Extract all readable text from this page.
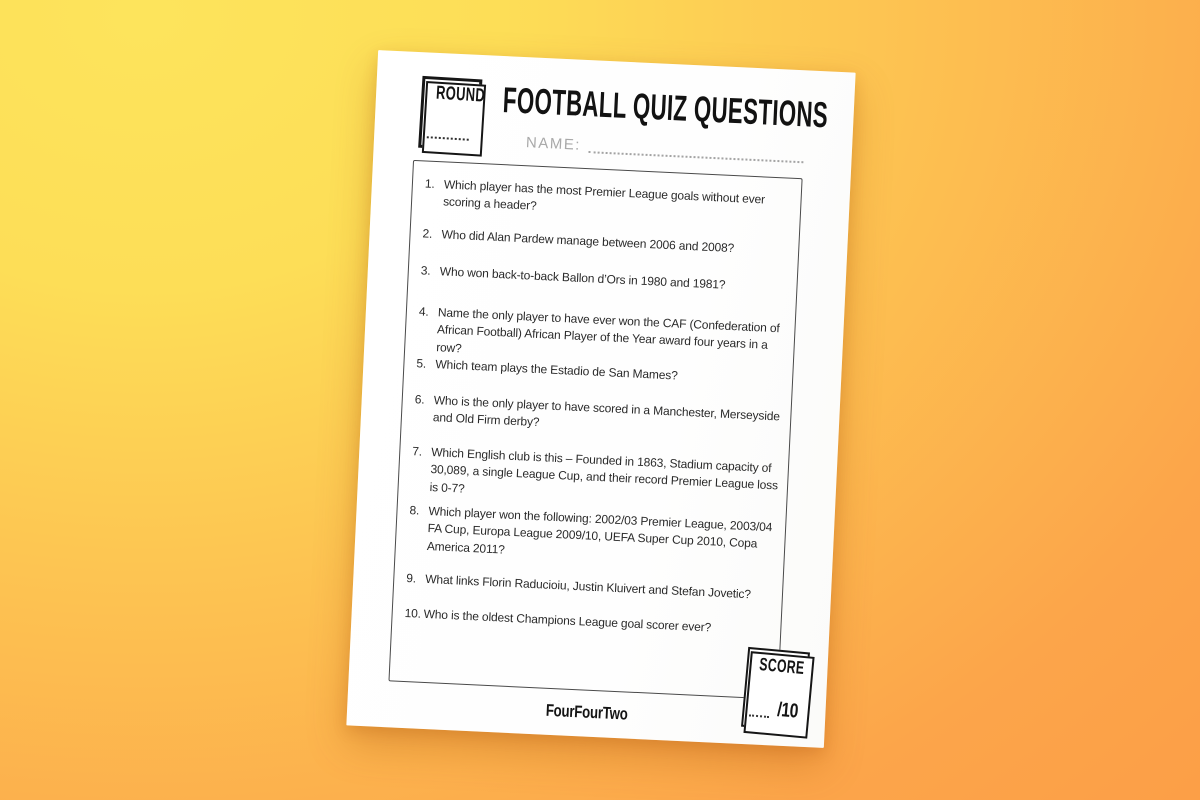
ROUND FOOTBALL QUIZ QUESTIONS
NAME:
1. Which player has the most Premier League goals without ever scoring a header?
2. Who did Alan Pardew manage between 2006 and 2008?
3. Who won back-to-back Ballon d’Ors in 1980 and 1981?
4. Name the only player to have ever won the CAF (Confederation of African Football) African Player of the Year award four years in a row?
5. Which team plays the Estadio de San Mames?
6. Who is the only player to have scored in a Manchester, Merseyside and Old Firm derby?
7. Which English club is this – Founded in 1863, Stadium capacity of 30,089, a single League Cup, and their record Premier League loss is 0-7?
8. Which player won the following: 2002/03 Premier League, 2003/04 FA Cup, Europa League 2009/10, UEFA Super Cup 2010, Copa America 2011?
9. What links Florin Raducioiu, Justin Kluivert and Stefan Jovetic?
10. Who is the oldest Champions League goal scorer ever?
SCORE
/10
FourFourTwo
